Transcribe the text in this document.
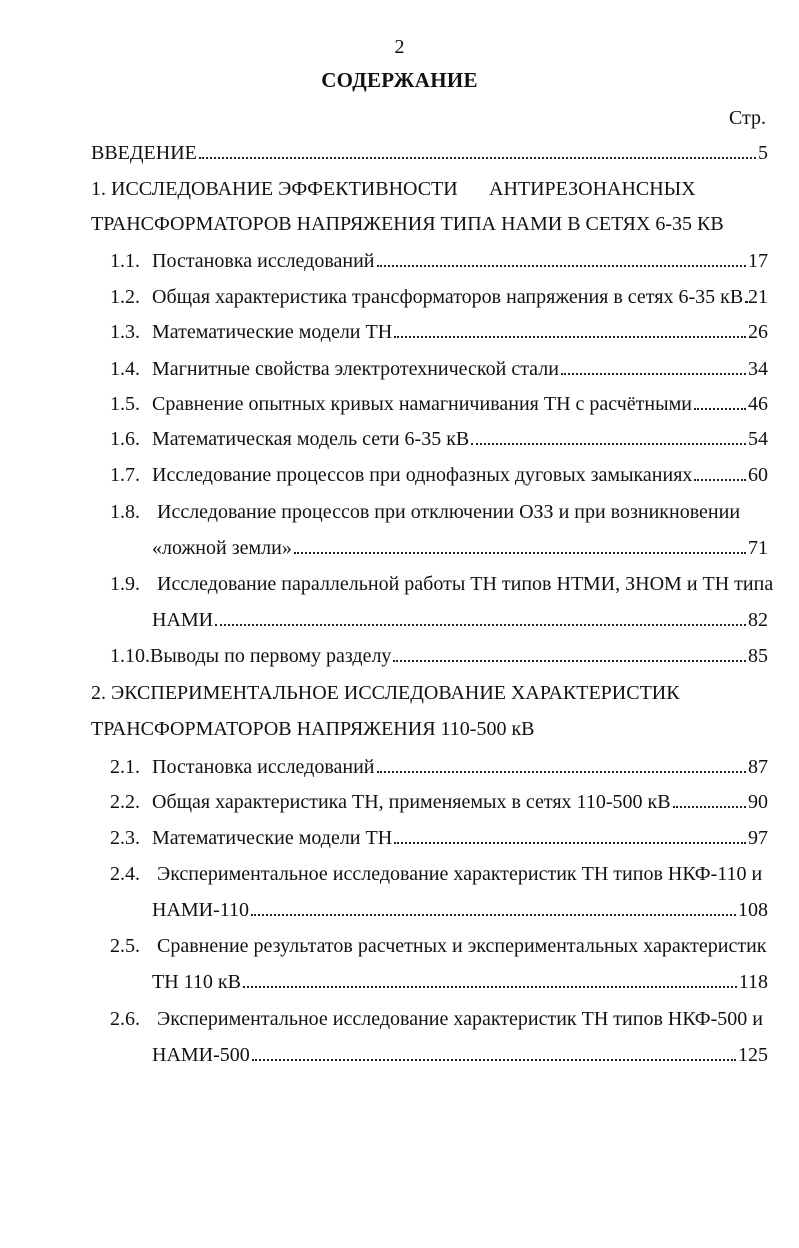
2
СОДЕРЖАНИЕ
Стр.
ВВЕДЕНИЕ	5
1. ИССЛЕДОВАНИЕ ЭФФЕКТИВНОСТИ АНТИРЕЗОНАНСНЫХ
ТРАНСФОРМАТОРОВ НАПРЯЖЕНИЯ ТИПА НАМИ В СЕТЯХ 6-35 КВ
1.1. Постановка исследований	17
1.2. Общая характеристика трансформаторов напряжения в сетях 6-35 кВ 21
1.3. Математические модели ТН	26
1.4. Магнитные свойства электротехнической стали	34
1.5. Сравнение опытных кривых намагничивания ТН с расчётными	46
1.6. Математическая модель сети 6-35 кВ	54
1.7. Исследование процессов при однофазных дуговых замыканиях	60
1.8. Исследование процессов при отключении ОЗЗ и при возникновении
«ложной земли»	71
1.9. Исследование параллельной работы ТН типов НТМИ, ЗНОМ и ТН типа
НАМИ	82
1.10. Выводы по первому разделу	85
2. ЭКСПЕРИМЕНТАЛЬНОЕ ИССЛЕДОВАНИЕ ХАРАКТЕРИСТИК
ТРАНСФОРМАТОРОВ НАПРЯЖЕНИЯ 110-500 кВ
2.1. Постановка исследований	87
2.2. Общая характеристика ТН, применяемых в сетях 110-500 кВ	90
2.3. Математические модели ТН	97
2.4. Экспериментальное исследование характеристик ТН типов НКФ-110 и
НАМИ-110	108
2.5. Сравнение результатов расчетных и экспериментальных характеристик
ТН 110 кВ	118
2.6. Экспериментальное исследование характеристик ТН типов НКФ-500 и
НАМИ-500	125
